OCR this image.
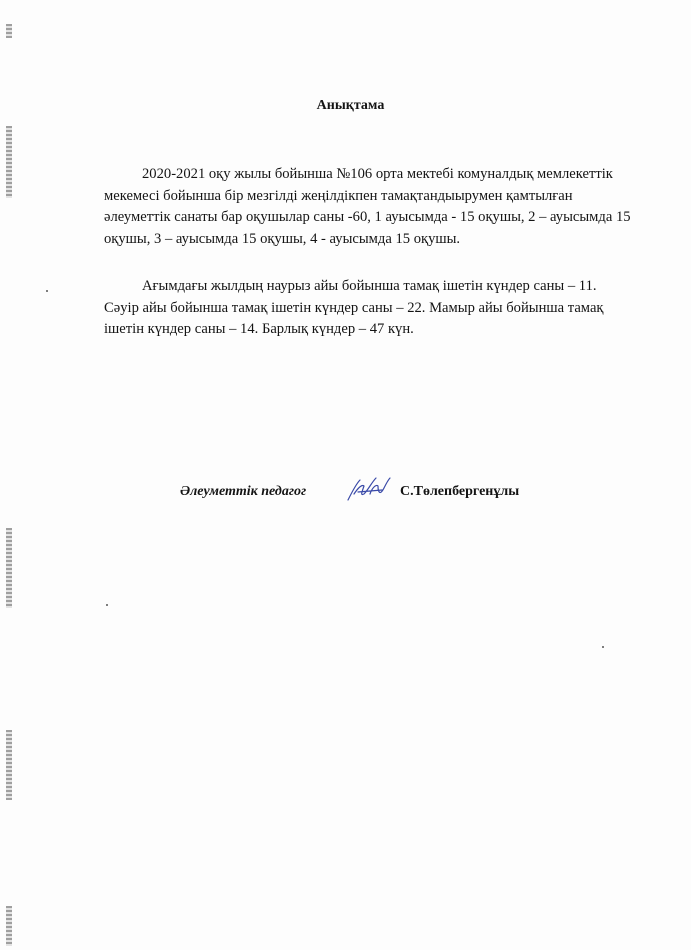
Анықтама
2020-2021 оқу жылы бойынша №106 орта мектебі комуналдық мемлекеттік мекемесі бойынша бір мезгілді жеңілдікпен тамақтандыырумен қамтылған әлеуметтік санаты бар оқушылар саны -60, 1 ауысымда - 15 оқушы, 2 – ауысымда 15 оқушы, 3 – ауысымда 15 оқушы, 4 - ауысымда 15 оқушы.
Ағымдағы жылдың наурыз айы бойынша тамақ ішетін күндер саны – 11. Сәуір айы бойынша тамақ ішетін күндер саны – 22. Мамыр айы бойынша тамақ ішетін күндер саны – 14. Барлық күндер – 47 күн.
Әлеуметтік педагог	С.Төлепбергенұлы
